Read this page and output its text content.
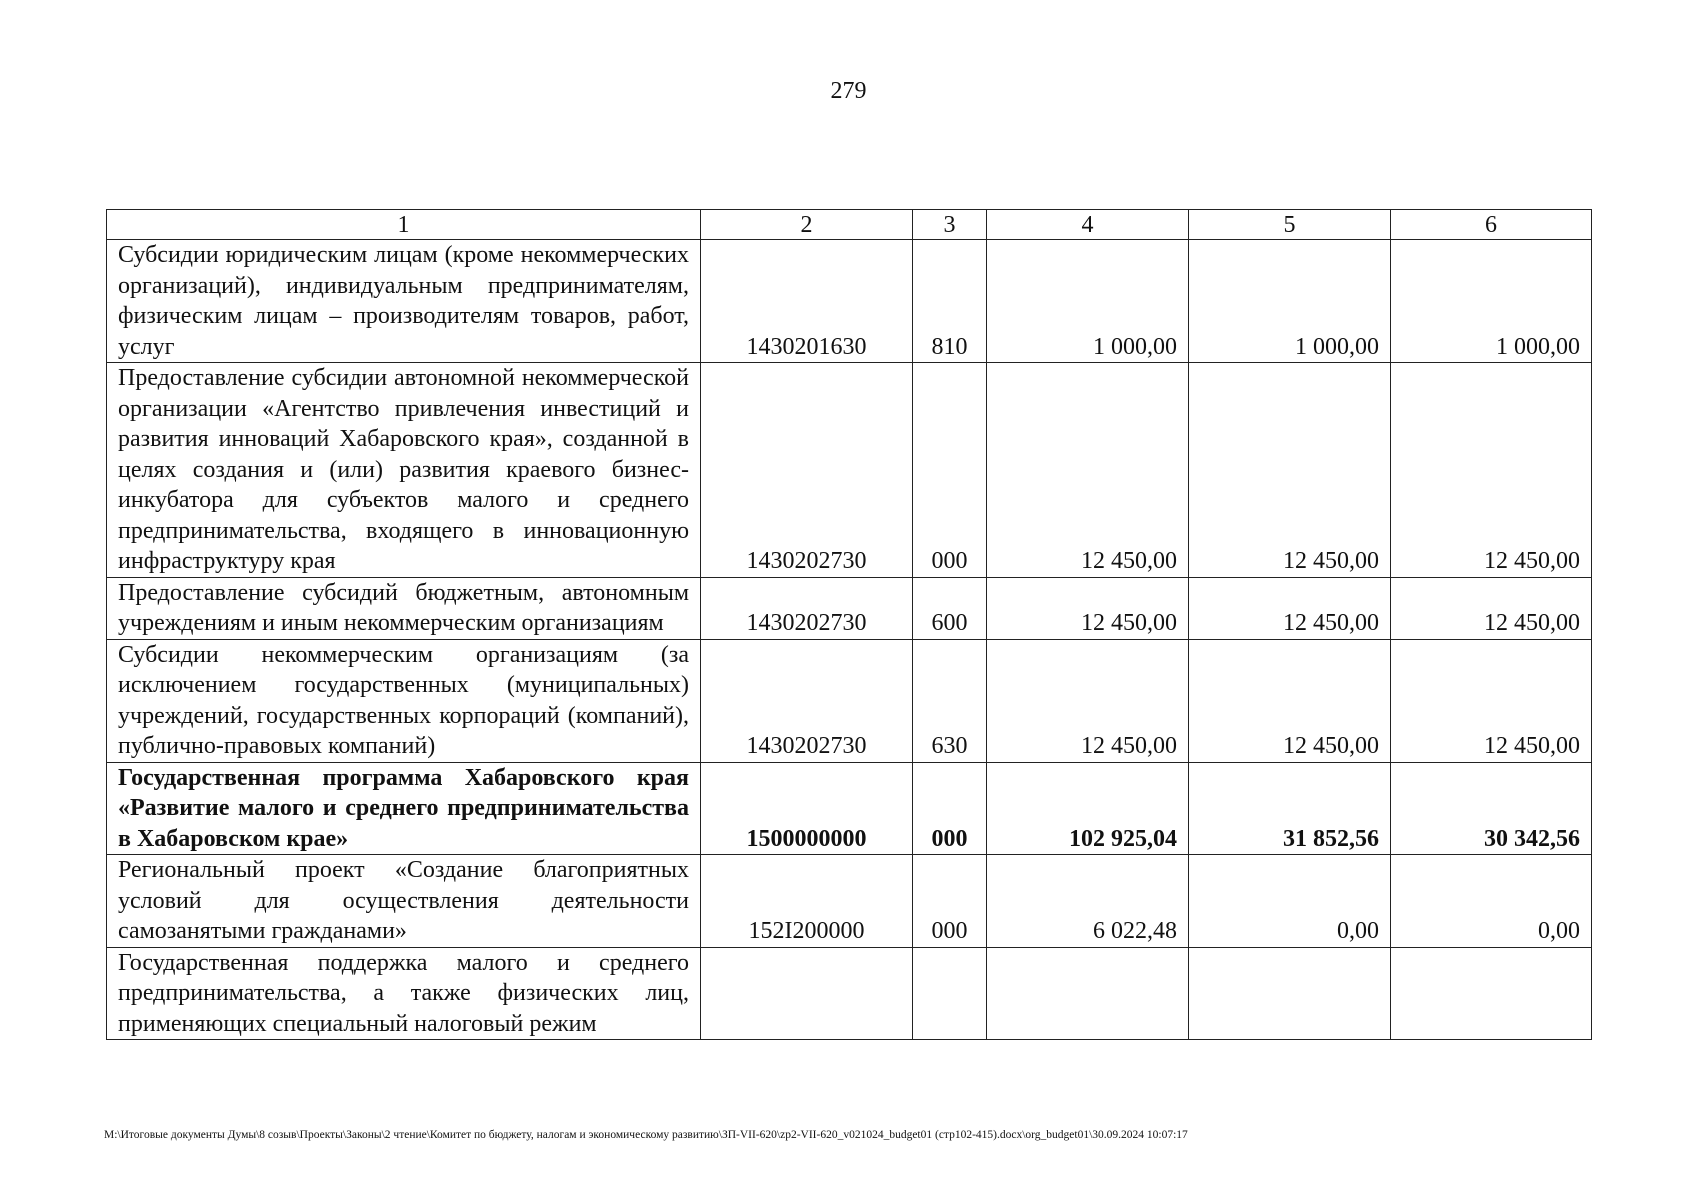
279
1	2	3	4	5	6
Субсидии юридическим лицам (кроме некоммерческих организаций), индивидуальным предпринимателям, физическим лицам – производителям товаров, работ, услуг	1430201630	810	1 000,00	1 000,00	1 000,00
Предоставление субсидии автономной некоммерческой организации «Агентство привлечения инвестиций и развития инноваций Хабаровского края», созданной в целях создания и (или) развития краевого бизнес-инкубатора для субъектов малого и среднего предпринимательства, входящего в инновационную инфраструктуру края	1430202730	000	12 450,00	12 450,00	12 450,00
Предоставление субсидий бюджетным, автономным учреждениям и иным некоммерческим организациям	1430202730	600	12 450,00	12 450,00	12 450,00
Субсидии некоммерческим организациям (за исключением государственных (муниципальных) учреждений, государственных корпораций (компаний), публично-правовых компаний)	1430202730	630	12 450,00	12 450,00	12 450,00
Государственная программа Хабаровского края «Развитие малого и среднего предпринимательства в Хабаровском крае»	1500000000	000	102 925,04	31 852,56	30 342,56
Региональный проект «Создание благоприятных условий для осуществления деятельности самозанятыми гражданами»	152I200000	000	6 022,48	0,00	0,00
Государственная поддержка малого и среднего предпринимательства, а также физических лиц, применяющих специальный налоговый режим					
M:\Итоговые документы Думы\8 созыв\Проекты\Законы\2 чтение\Комитет по бюджету, налогам и экономическому развитию\ЗП-VII-620\zp2-VII-620_v021024_budget01 (стр102-415).docx\org_budget01\30.09.2024 10:07:17
